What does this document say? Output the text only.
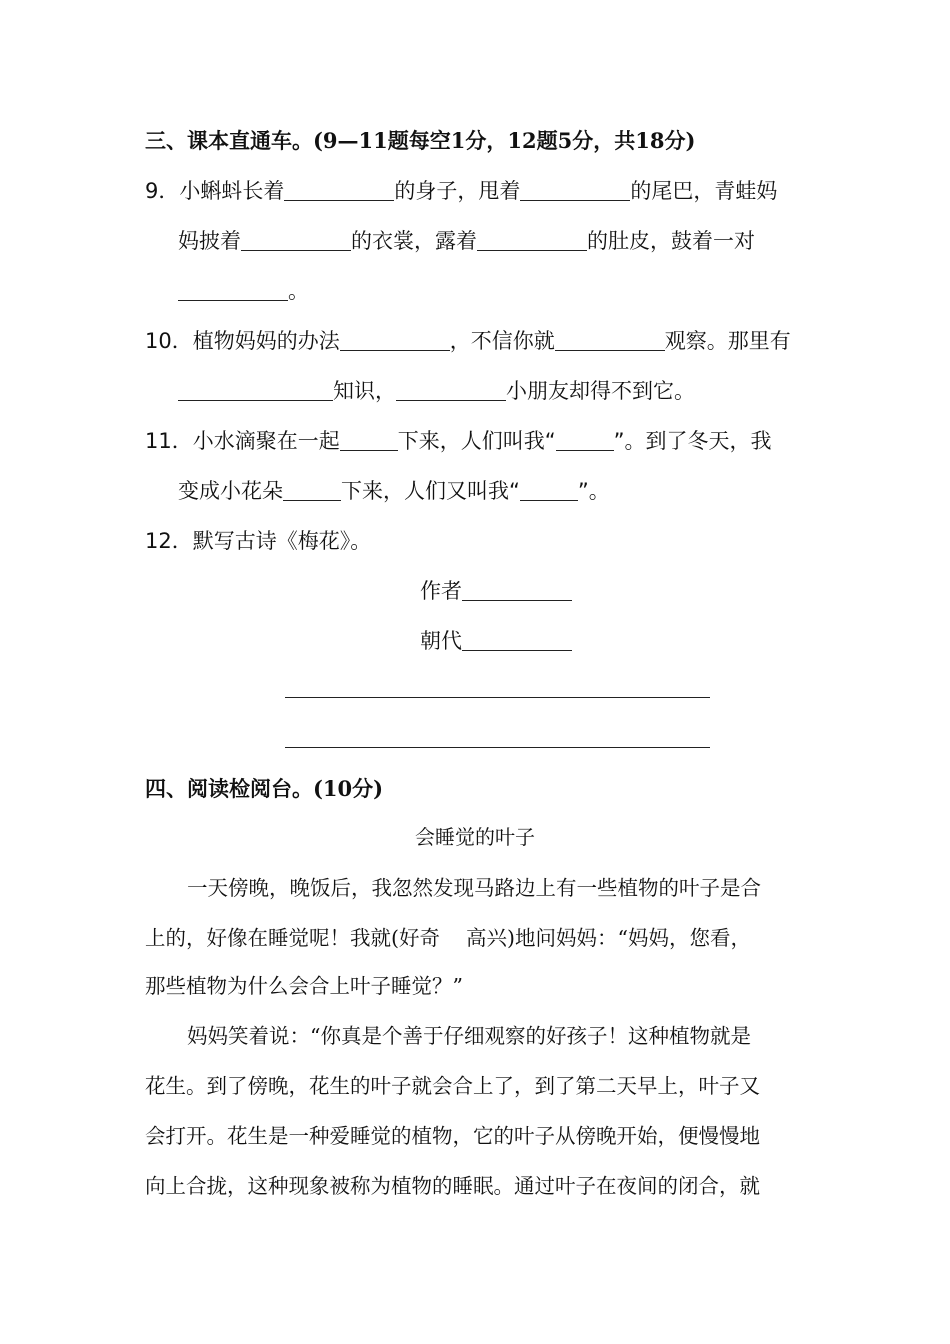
三、课本直通车。(9—11题每空1分，12题5分，共18分)
9．小蝌蚪长着	的身子，甩着	的尾巴，青蛙妈
妈披着	的衣裳，露着	的肚皮，鼓着一对
。
10．植物妈妈的办法	，不信你就	观察。那里有
知识，	小朋友却得不到它。
11．小水滴聚在一起	下来，人们叫我“	”。到了冬天，我
变成小花朵	下来，人们又叫我“	”。
12．默写古诗《梅花》。
作者
朝代
四、阅读检阅台。(10分)
会睡觉的叶子
一天傍晚，晚饭后，我忽然发现马路边上有一些植物的叶子是合
上的，好像在睡觉呢！我就(好奇 高兴)地问妈妈：“妈妈，您看，
那些植物为什么会合上叶子睡觉？”
妈妈笑着说：“你真是个善于仔细观察的好孩子！这种植物就是
花生。到了傍晚，花生的叶子就会合上了，到了第二天早上，叶子又
会打开。花生是一种爱睡觉的植物，它的叶子从傍晚开始，便慢慢地
向上合拢，这种现象被称为植物的睡眠。通过叶子在夜间的闭合，就
